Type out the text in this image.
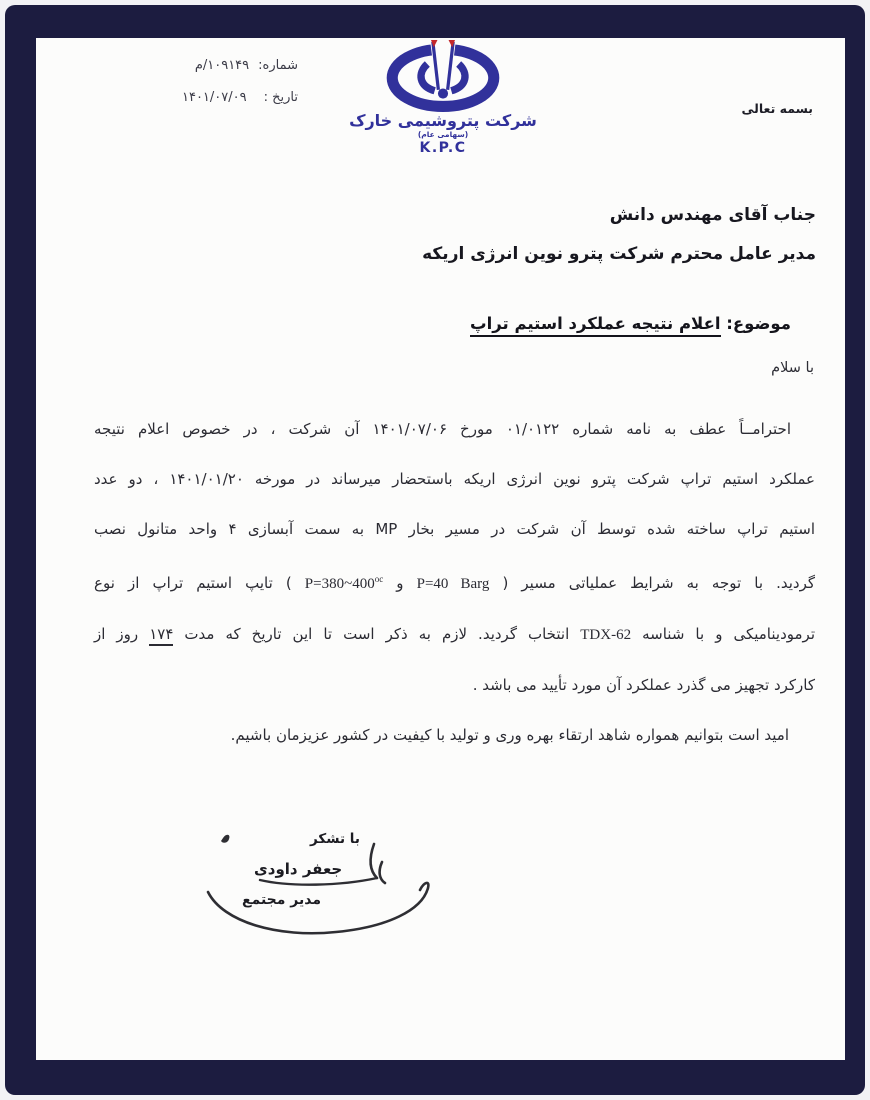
شماره:
۱۰۹۱۴۹/م
تاریخ :
۱۴۰۱/۰۷/۰۹
شرکت پتروشیمی خارک
(سهامی عام)
K.P.C
بسمه تعالی
جناب آقای مهندس دانش
مدیر عامل محترم شرکت پترو نوین انرژی اریکه
موضوع: اعلام نتیجه عملکرد استیم تراپ
با سلام
احترامــاً عطف به نامه شماره ۰۱/۰۱۲۲ مورخ ۱۴۰۱/۰۷/۰۶ آن شرکت ، در خصوص اعلام نتیجه
عملکرد استیم تراپ شرکت پترو نوین انرژی اریکه باستحضار میرساند در مورخه ۱۴۰۱/۰۱/۲۰ ، دو عدد
استیم تراپ ساخته شده توسط آن شرکت در مسیر بخار MP به سمت آبسازی ۴ واحد متانول نصب
گردید. با توجه به شرایط عملیاتی مسیر ( P=40 Barg و $P=380\sim 400^{oc}$ ) تایپ استیم تراپ از نوع
ترمودینامیکی و با شناسه TDX-62 انتخاب گردید. لازم به ذکر است تا این تاریخ که مدت ۱۷۴ روز از
کارکرد تجهیز می گذرد عملکرد آن مورد تأیید می باشد .
امید است بتوانیم همواره شاهد ارتقاء بهره وری و تولید با کیفیت در کشور عزیزمان باشیم.
با تشکر
جعفر داودی
مدیر مجتمع
